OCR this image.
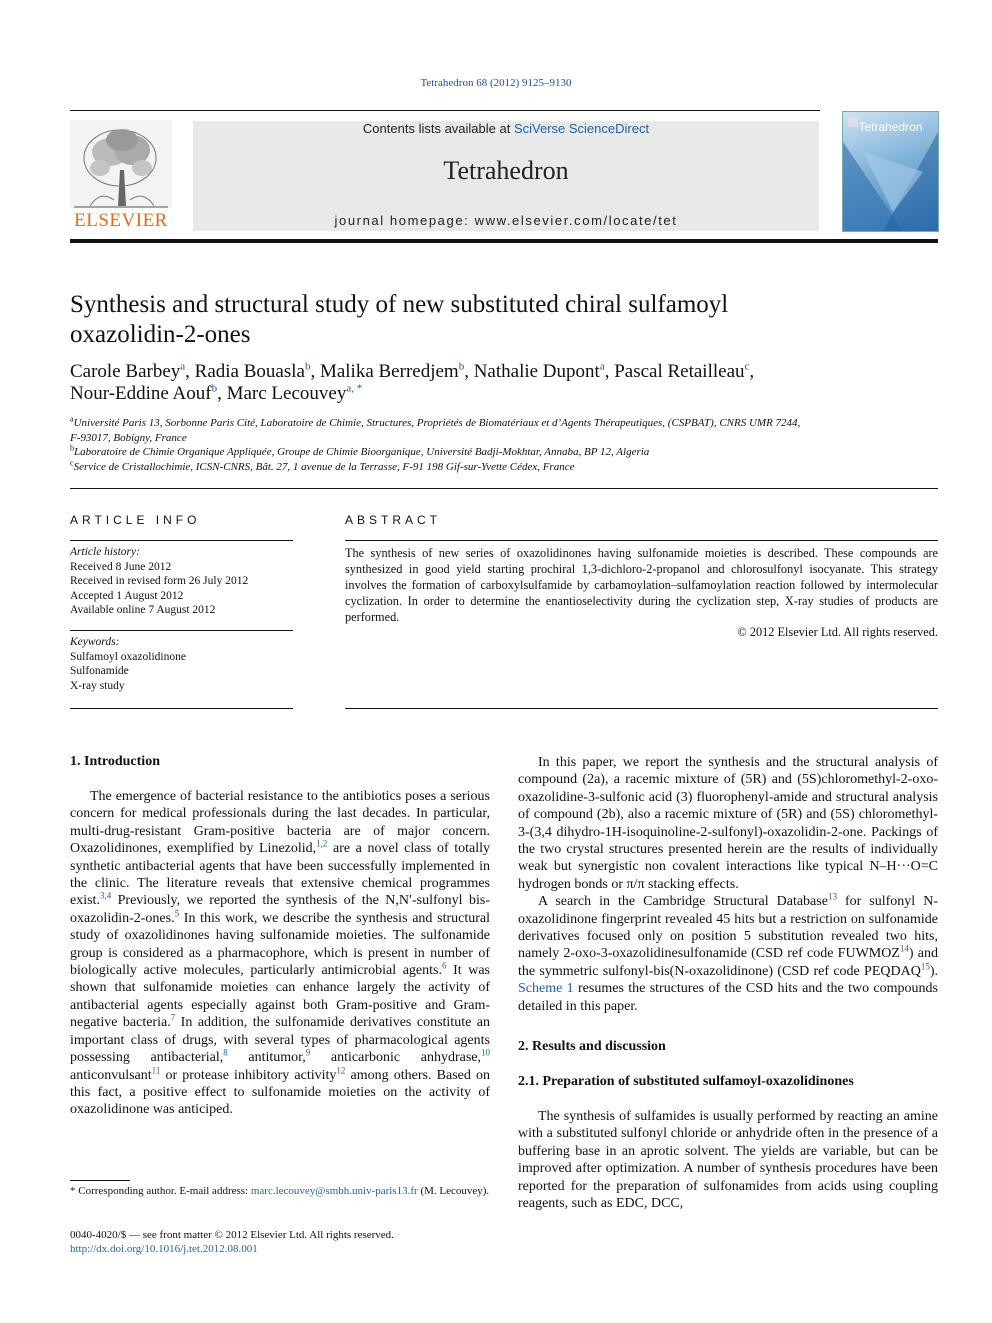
Tetrahedron 68 (2012) 9125–9130
ELSEVIER
Contents lists available at SciVerse ScienceDirect
Tetrahedron
journal homepage: www.elsevier.com/locate/tet
Tetrahedron
Synthesis and structural study of new substituted chiral sulfamoyl
oxazolidin-2-ones
Carole Barbey$^a$, Radia Bouasla$^b$, Malika Berredjem$^b$, Nathalie Dupont$^a$, Pascal Retailleau$^c$,
Nour-Eddine Aouf$^b$, Marc Lecouvey$^{a, *}$
$^a$Université Paris 13, Sorbonne Paris Cité, Laboratoire de Chimie, Structures, Propriétés de Biomatériaux et d’Agents Thérapeutiques, (CSPBAT), CNRS UMR 7244,
F-93017, Bobigny, France
$^b$Laboratoire de Chimie Organique Appliquée, Groupe de Chimie Bioorganique, Université Badji-Mokhtar, Annaba, BP 12, Algeria
$^c$Service de Cristallochimie, ICSN-CNRS, Bât. 27, 1 avenue de la Terrasse, F-91 198 Gif-sur-Yvette Cédex, France
ARTICLE INFO
Article history:
Received 8 June 2012
Received in revised form 26 July 2012
Accepted 1 August 2012
Available online 7 August 2012
Keywords:
Sulfamoyl oxazolidinone
Sulfonamide
X-ray study
ABSTRACT
The synthesis of new series of oxazolidinones having sulfonamide moieties is described. These compounds are synthesized in good yield starting prochiral 1,3-dichloro-2-propanol and chlorosulfonyl isocyanate. This strategy involves the formation of carboxylsulfamide by carbamoylation–sulfamoylation reaction followed by intermolecular cyclization. In order to determine the enantioselectivity during the cyclization step, X-ray studies of products are performed.
© 2012 Elsevier Ltd. All rights reserved.
1. Introduction

The emergence of bacterial resistance to the antibiotics poses a serious concern for medical professionals during the last decades. In particular, multi-drug-resistant Gram-positive bacteria are of major concern. Oxazolidinones, exemplified by Linezolid,$^{1,2}$ are a novel class of totally synthetic antibacterial agents that have been successfully implemented in the clinic. The literature reveals that extensive chemical programmes exist.$^{3,4}$ Previously, we reported the synthesis of the N,N′-sulfonyl bis-oxazolidin-2-ones.$^5$ In this work, we describe the synthesis and structural study of oxazolidinones having sulfonamide moieties. The sulfonamide group is considered as a pharmacophore, which is present in number of biologically active molecules, particularly antimicrobial agents.$^6$ It was shown that sulfonamide moieties can enhance largely the activity of antibacterial agents especially against both Gram-positive and Gram-negative bacteria.$^7$ In addition, the sulfonamide derivatives constitute an important class of drugs, with several types of pharmacological agents possessing antibacterial,$^8$ antitumor,$^9$ anticarbonic anhydrase,$^{10}$ anticonvulsant$^{11}$ or protease inhibitory activity$^{12}$ among others. Based on this fact, a positive effect to sulfonamide moieties on the activity of oxazolidinone was anticiped.

* Corresponding author. E-mail address: marc.lecouvey@smbh.univ-paris13.fr (M. Lecouvey).
0040-4020/$ — see front matter © 2012 Elsevier Ltd. All rights reserved.
http://dx.doi.org/10.1016/j.tet.2012.08.001

In this paper, we report the synthesis and the structural analysis of compound (2a), a racemic mixture of (5R) and (5S)chloromethyl-2-oxo-oxazolidine-3-sulfonic acid (3) fluorophenyl-amide and structural analysis of compound (2b), also a racemic mixture of (5R) and (5S) chloromethyl-3-(3,4 dihydro-1H-isoquinoline-2-sulfonyl)-oxazolidin-2-one. Packings of the two crystal structures presented herein are the results of individually weak but synergistic non covalent interactions like typical N–H···O=C hydrogen bonds or π/π stacking effects.

A search in the Cambridge Structural Database$^{13}$ for sulfonyl N-oxazolidinone fingerprint revealed 45 hits but a restriction on sulfonamide derivatives focused only on position 5 substitution revealed two hits, namely 2-oxo-3-oxazolidinesulfonamide (CSD ref code FUWMOZ$^{14}$) and the symmetric sulfonyl-bis(N-oxazolidinone) (CSD ref code PEQDAQ$^{15}$). Scheme 1 resumes the structures of the CSD hits and the two compounds detailed in this paper.

2. Results and discussion
2.1. Preparation of substituted sulfamoyl-oxazolidinones

The synthesis of sulfamides is usually performed by reacting an amine with a substituted sulfonyl chloride or anhydride often in the presence of a buffering base in an aprotic solvent. The yields are variable, but can be improved after optimization. A number of synthesis procedures have been reported for the preparation of sulfonamides from acids using coupling reagents, such as EDC, DCC,
